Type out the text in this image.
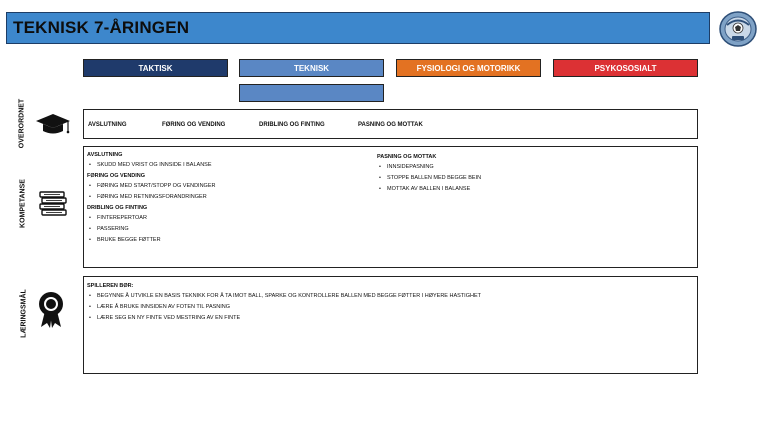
TEKNISK 7-ÅRINGEN
TAKTISK	TEKNISK	FYSIOLOGI OG MOTORIKK	PSYKOSOSIALT
OVERORDNET	AVSLUTNING	FØRING OG VENDING	DRIBLING OG FINTING	PASNING OG MOTTAK
KOMPETANSE
AVSLUTNING
• SKUDD MED VRIST OG INNSIDE I BALANSE
FØRING OG VENDING
• FØRING MED START/STOPP OG VENDINGER
• FØRING MED RETNINGSFORANDRINGER
DRIBLING OG FINTING
• FINTEREPERTOAR
• PASSERING
• BRUKE BEGGE FØTTER
PASNING OG MOTTAK
• INNSIDEPASNING
• STOPPE BALLEN MED BEGGE BEIN
• MOTTAK AV BALLEN I BALANSE
LÆRINGSMÅL
SPILLEREN BØR:
• BEGYNNE Å UTVIKLE EN BASIS TEKNIKK FOR Å TA IMOT BALL, SPARKE OG KONTROLLERE BALLEN MED BEGGE FØTTER I HØYERE HASTIGHET
• LÆRE Å BRUKE INNSIDEN AV FOTEN TIL PASNING
• LÆRE SEG EN NY FINTE VED MESTRING AV EN FINTE
